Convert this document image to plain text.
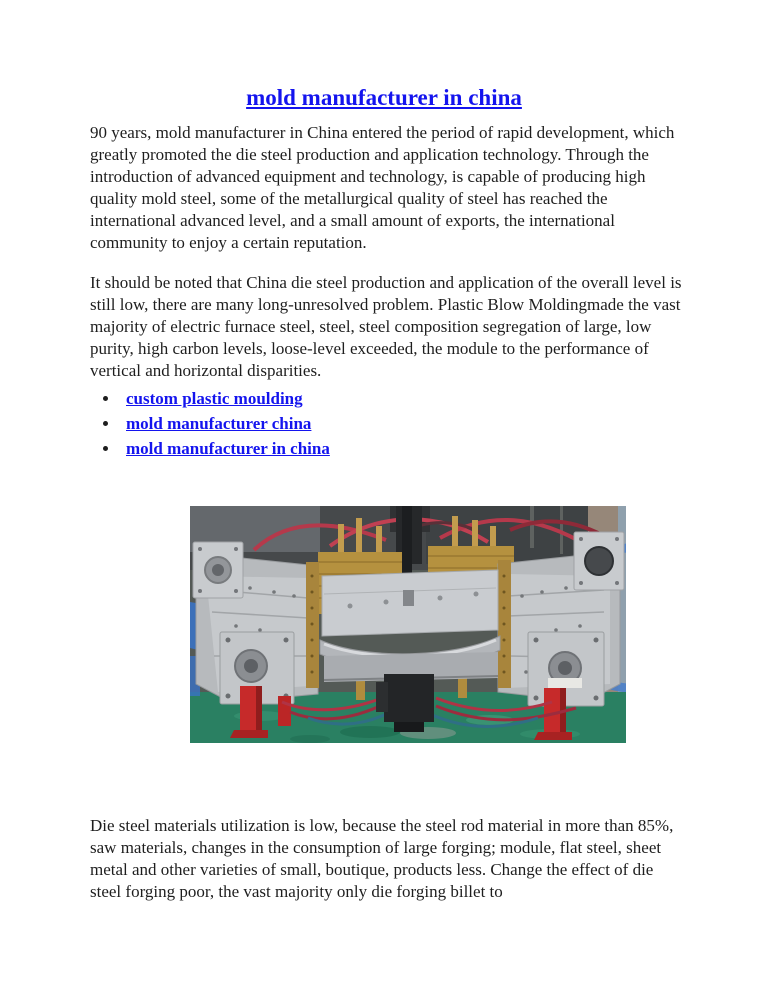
mold manufacturer in china

90 years, mold manufacturer in China entered the period of rapid development, which greatly promoted the die steel production and application technology. Through the introduction of advanced equipment and technology, is capable of producing high quality mold steel, some of the metallurgical quality of steel has reached the international advanced level, and a small amount of exports, the international community to enjoy a certain reputation.

It should be noted that China die steel production and application of the overall level is still low, there are many long-unresolved problem. Plastic Blow Moldingmade the vast majority of electric furnace steel, steel, steel composition segregation of large, low purity, high carbon levels, loose-level exceeded, the module to the performance of vertical and horizontal disparities.

• custom plastic moulding
• mold manufacturer china
• mold manufacturer in china

Die steel materials utilization is low, because the steel rod material in more than 85%, saw materials, changes in the consumption of large forging; module, flat steel, sheet metal and other varieties of small, boutique, products less. Change the effect of die steel forging poor, the vast majority only die forging billet to
